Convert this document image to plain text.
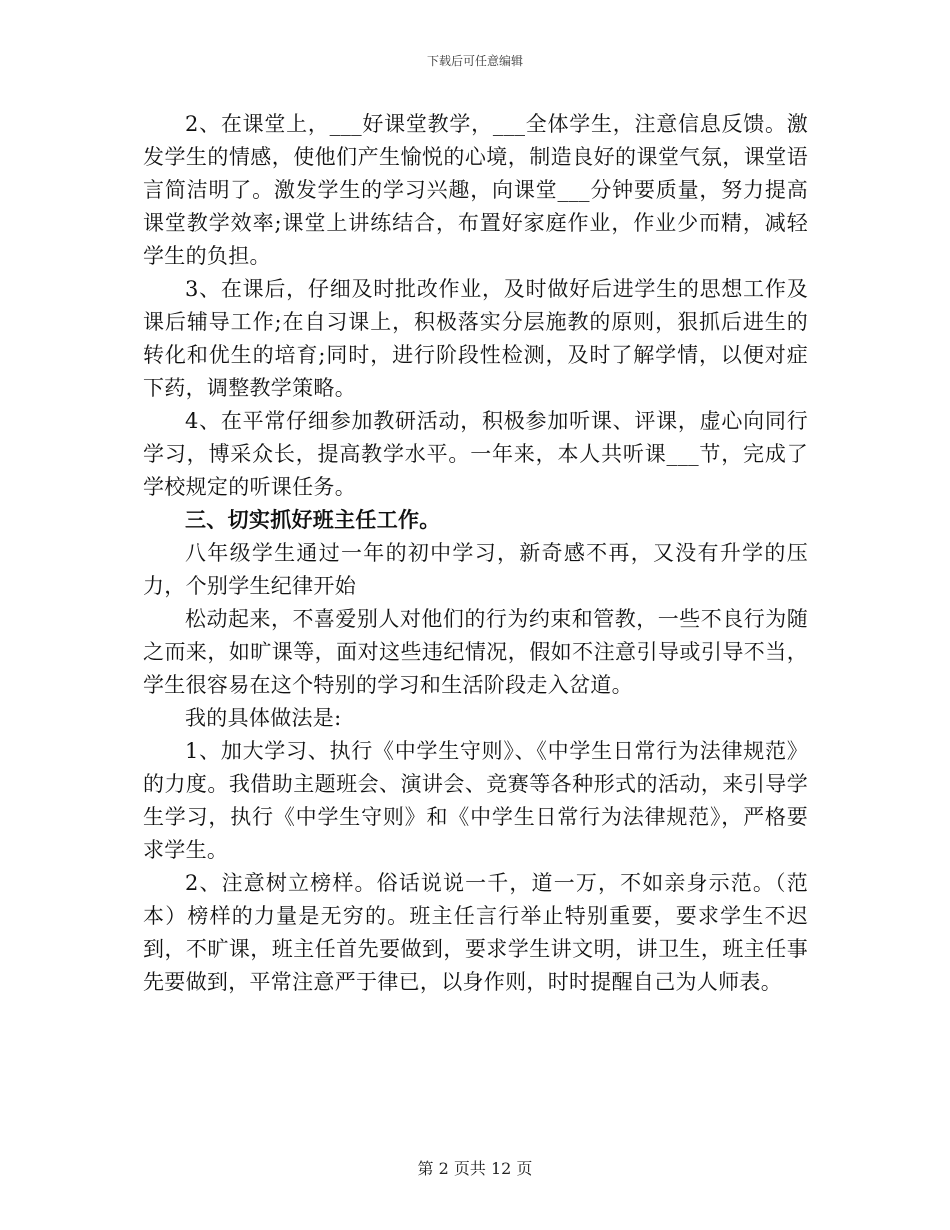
下载后可任意编辑

2、在课堂上，___好课堂教学，___全体学生，注意信息反馈。激发学生的情感，使他们产生愉悦的心境，制造良好的课堂气氛，课堂语言简洁明了。激发学生的学习兴趣，向课堂___分钟要质量，努力提高课堂教学效率;课堂上讲练结合，布置好家庭作业，作业少而精，减轻学生的负担。

3、在课后，仔细及时批改作业，及时做好后进学生的思想工作及课后辅导工作;在自习课上，积极落实分层施教的原则，狠抓后进生的转化和优生的培育;同时，进行阶段性检测，及时了解学情，以便对症下药，调整教学策略。

4、在平常仔细参加教研活动，积极参加听课、评课，虚心向同行学习，博采众长，提高教学水平。一年来，本人共听课___节，完成了学校规定的听课任务。

三、切实抓好班主任工作。

八年级学生通过一年的初中学习，新奇感不再，又没有升学的压力，个别学生纪律开始

松动起来，不喜爱别人对他们的行为约束和管教，一些不良行为随之而来，如旷课等，面对这些违纪情况，假如不注意引导或引导不当，学生很容易在这个特别的学习和生活阶段走入岔道。

我的具体做法是:

1、加大学习、执行《中学生守则》、《中学生日常行为法律规范》的力度。我借助主题班会、演讲会、竞赛等各种形式的活动，来引导学生学习，执行《中学生守则》和《中学生日常行为法律规范》，严格要求学生。

2、注意树立榜样。俗话说说一千，道一万，不如亲身示范。（范本）榜样的力量是无穷的。班主任言行举止特别重要，要求学生不迟到，不旷课，班主任首先要做到，要求学生讲文明，讲卫生，班主任事先要做到，平常注意严于律已，以身作则，时时提醒自己为人师表。

第 2 页共 12 页
